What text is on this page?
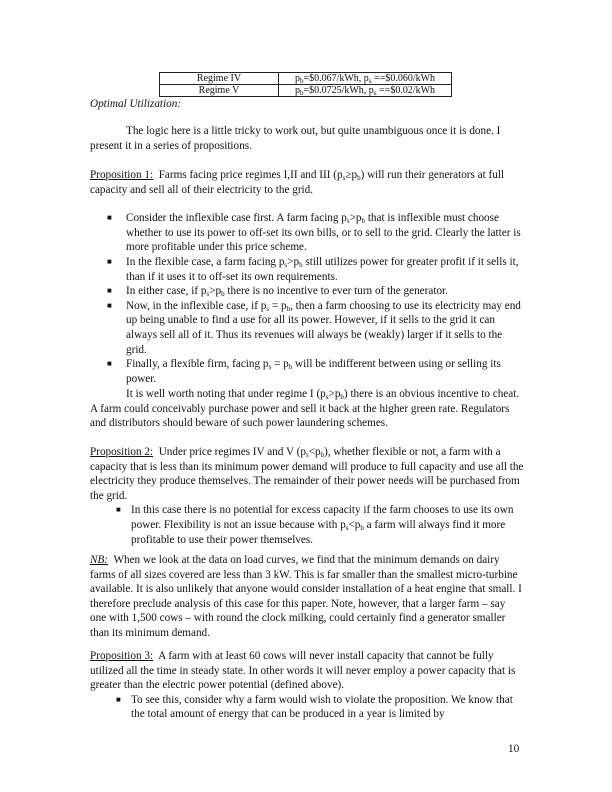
Regime IV	$p_b=\$0.067$/kWh, $p_s$ ==$0.060/kWh
Regime V	$p_b=\$0.0725$/kWh, $p_s$ ==$0.02/kWh

Optimal Utilization:

The logic here is a little tricky to work out, but quite unambiguous once it is done. I present it in a series of propositions.

Proposition 1: Farms facing price regimes I,II and III $(p_s\ge p_b)$ will run their generators at full capacity and sell all of their electricity to the grid.

■ Consider the inflexible case first. A farm facing $p_s>p_b$ that is inflexible must choose whether to use its power to off-set its own bills, or to sell to the grid. Clearly the latter is more profitable under this price scheme.
■ In the flexible case, a farm facing $p_s>p_b$ still utilizes power for greater profit if it sells it, than if it uses it to off-set its own requirements.
■ In either case, if $p_s>p_b$ there is no incentive to ever turn of the generator.
■ Now, in the inflexible case, if $p_s = p_b$, then a farm choosing to use its electricity may end up being unable to find a use for all its power. However, if it sells to the grid it can always sell all of it. Thus its revenues will always be (weakly) larger if it sells to the grid.
■ Finally, a flexible firm, facing $p_s = p_b$ will be indifferent between using or selling its power.

It is well worth noting that under regime I $(p_s>p_b)$ there is an obvious incentive to cheat. A farm could conceivably purchase power and sell it back at the higher green rate. Regulators and distributors should beware of such power laundering schemes.

Proposition 2: Under price regimes IV and V $(p_s<p_b)$, whether flexible or not, a farm with a capacity that is less than its minimum power demand will produce to full capacity and use all the electricity they produce themselves. The remainder of their power needs will be purchased from the grid.

■ In this case there is no potential for excess capacity if the farm chooses to use its own power. Flexibility is not an issue because with $p_s<p_b$ a farm will always find it more profitable to use their power themselves.

NB: When we look at the data on load curves, we find that the minimum demands on dairy farms of all sizes covered are less than 3 kW. This is far smaller than the smallest micro-turbine available. It is also unlikely that anyone would consider installation of a heat engine that small. I therefore preclude analysis of this case for this paper. Note, however, that a larger farm – say one with 1,500 cows – with round the clock milking, could certainly find a generator smaller than its minimum demand.

Proposition 3: A farm with at least 60 cows will never install capacity that cannot be fully utilized all the time in steady state. In other words it will never employ a power capacity that is greater than the electric power potential (defined above).

■ To see this, consider why a farm would wish to violate the proposition. We know that the total amount of energy that can be produced in a year is limited by
10
